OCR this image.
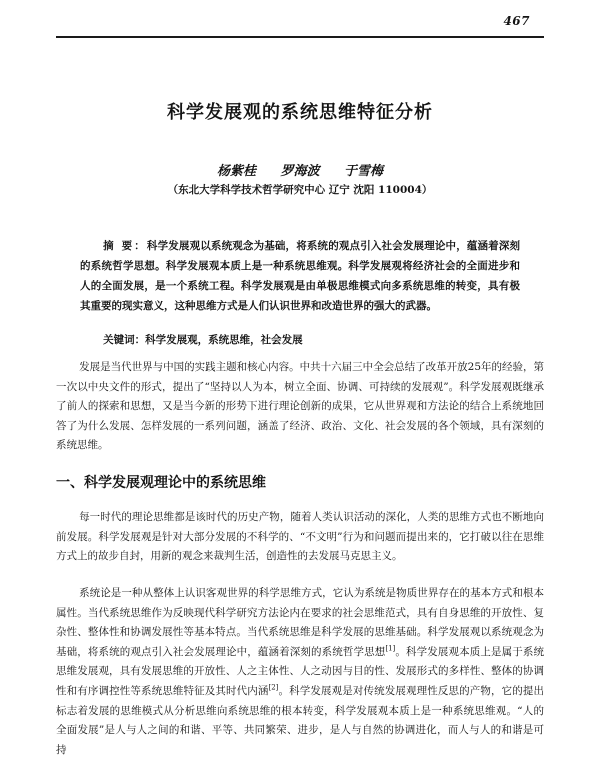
467
科学发展观的系统思维特征分析
杨紫桂 罗海波 于雪梅
（东北大学科学技术哲学研究中心 辽宁 沈阳 110004）
摘 要：科学发展观以系统观念为基础，将系统的观点引入社会发展理论中，蕴涵着深刻的系统哲学思想。科学发展观本质上是一种系统思维观。科学发展观将经济社会的全面进步和人的全面发展，是一个系统工程。科学发展观是由单极思维模式向多系统思维的转变，具有极其重要的现实意义，这种思维方式是人们认识世界和改造世界的强大的武器。
关键词：科学发展观，系统思维，社会发展
发展是当代世界与中国的实践主题和核心内容。中共十六届三中全会总结了改革开放25年的经验，第一次以中央文件的形式，提出了“坚持以人为本，树立全面、协调、可持续的发展观”。科学发展观既继承了前人的探索和思想，又是当今新的形势下进行理论创新的成果，它从世界观和方法论的结合上系统地回答了为什么发展、怎样发展的一系列问题，涵盖了经济、政治、文化、社会发展的各个领域，具有深刻的系统思维。
一、科学发展观理论中的系统思维
每一时代的理论思维都是该时代的历史产物，随着人类认识活动的深化，人类的思维方式也不断地向前发展。科学发展观是针对大部分发展的不科学的、“不文明”行为和问题而提出来的，它打破以往在思维方式上的故步自封，用新的观念来裁判生活，创造性的去发展马克思主义。
系统论是一种从整体上认识客观世界的科学思维方式，它认为系统是物质世界存在的基本方式和根本属性。当代系统思维作为反映现代科学研究方法论内在要求的社会思维范式，具有自身思维的开放性、复杂性、整体性和协调发展性等基本特点。当代系统思维是科学发展的思维基础。科学发展观以系统观念为基础，将系统的观点引入社会发展理论中，蕴涵着深刻的系统哲学思想[1]。科学发展观本质上是属于系统思维发展观，具有发展思维的开放性、人之主体性、人之动因与目的性、发展形式的多样性、整体的协调性和有序调控性等系统思维特征及其时代内涵[2]。科学发展观是对传统发展观理性反思的产物，它的提出标志着发展的思维模式从分析思维向系统思维的根本转变，科学发展观本质上是一种系统思维观。“人的全面发展”是人与人之间的和谐、平等、共同繁荣、进步，是人与自然的协调进化，而人与人的和谐是可持
